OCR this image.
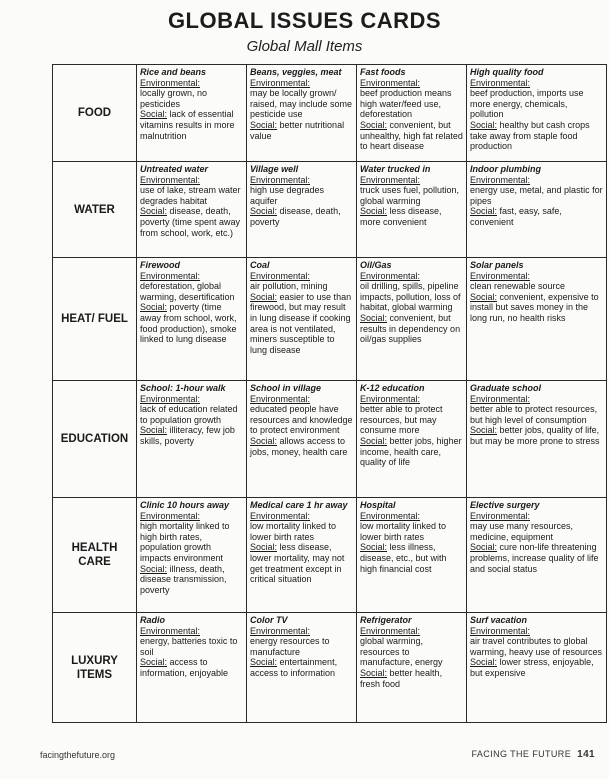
GLOBAL ISSUES CARDS
Global Mall Items
FOOD	Rice and beans
Environmental:
locally grown, no pesticides
Social: lack of essential vitamins results in more malnutrition	Beans, veggies, meat
Environmental:
may be locally grown/ raised, may include some pesticide use
Social: better nutritional value	Fast foods
Environmental:
beef production means high water/feed use, deforestation
Social: convenient, but unhealthy, high fat related to heart disease	High quality food
Environmental:
beef production, imports use more energy, chemicals, pollution
Social: healthy but cash crops take away from staple food production

WATER	Untreated water
Environmental:
use of lake, stream water degrades habitat
Social: disease, death, poverty (time spent away from school, work, etc.)	Village well
Environmental:
high use degrades aquifer
Social: disease, death, poverty	Water trucked in
Environmental:
truck uses fuel, pollution, global warming
Social: less disease, more convenient	Indoor plumbing
Environmental:
energy use, metal, and plastic for pipes
Social: fast, easy, safe, convenient

HEAT/ FUEL	Firewood
Environmental:
deforestation, global warming, desertification
Social: poverty (time away from school, work, food production), smoke linked to lung disease	Coal
Environmental:
air pollution, mining
Social: easier to use than firewood, but may result in lung disease if cooking area is not ventilated, miners susceptible to lung disease	Oil/Gas
Environmental:
oil drilling, spills, pipeline impacts, pollution, loss of habitat, global warming
Social: convenient, but results in dependency on oil/gas supplies	Solar panels
Environmental:
clean renewable source
Social: convenient, expensive to install but saves money in the long run, no health risks

EDUCATION	School: 1-hour walk
Environmental:
lack of education related to population growth
Social: illiteracy, few job skills, poverty	School in village
Environmental:
educated people have resources and knowledge to protect environment
Social: allows access to jobs, money, health care	K-12 education
Environmental:
better able to protect resources, but may consume more
Social: better jobs, higher income, health care, quality of life	Graduate school
Environmental:
better able to protect resources, but high level of consumption
Social: better jobs, quality of life, but may be more prone to stress

HEALTH CARE	Clinic 10 hours away
Environmental:
high mortality linked to high birth rates, population growth impacts environment
Social: illness, death, disease transmission, poverty	Medical care 1 hr away
Environmental:
low mortality linked to lower birth rates
Social: less disease, lower mortality, may not get treatment except in critical situation	Hospital
Environmental:
low mortality linked to lower birth rates
Social: less illness, disease, etc., but with high financial cost	Elective surgery
Environmental:
may use many resources, medicine, equipment
Social: cure non-life threatening problems, increase quality of life and social status

LUXURY ITEMS	Radio
Environmental:
energy, batteries toxic to soil
Social: access to information, enjoyable	Color TV
Environmental:
energy resources to manufacture
Social: entertainment, access to information	Refrigerator
Environmental:
global warming, resources to manufacture, energy
Social: better health, fresh food	Surf vacation
Environmental:
air travel contributes to global warming, heavy use of resources
Social: lower stress, enjoyable, but expensive
facingthefuture.org	FACING THE FUTURE 141
